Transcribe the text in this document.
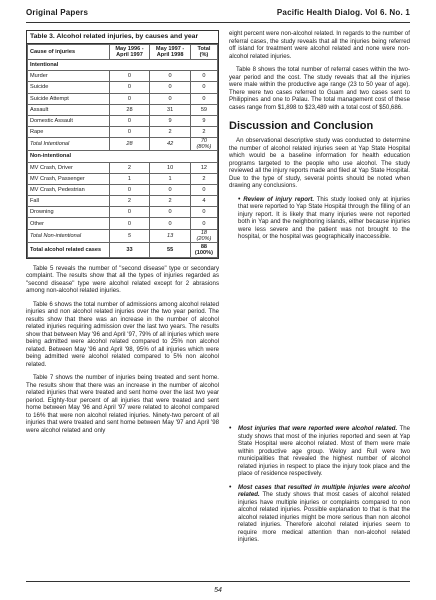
Original Papers	Pacific Health Dialog. Vol 6. No. 1
Table 3. Alcohol related injuries, by causes and year
Cause of injuries	May 1996 - April 1997	May 1997 - April 1998	Total (%)
Intentional			
Murder	0	0	0
Suicide	0	0	0
Suicide Attempt	0	0	0
Assault	28	31	59
Domestic Assault	0	9	9
Rape	0	2	2
Total Intentional	28	42	70 (80%)
Non-intentional			
MV Crash, Driver	2	10	12
MV Crash, Passenger	1	1	2
MV Crash, Pedestrian	0	0	0
Fall	2	2	4
Drowning	0	0	0
Other	0	0	0
Total Non-intentional	5	13	18 (20%)
Total alcohol related cases	33	55	88 (100%)

Table 5 reveals the number of "second disease" type or secondary complaint. The results show that all the types of injuries regarded as "second disease" type were alcohol related except for 2 abrasions among non-alcohol related injuries.

Table 6 shows the total number of admissions among alcohol related injuries and non alcohol related injuries over the two year period. The results show that there was an increase in the number of alcohol related injuries requiring admission over the last two years. The results show that between May '96 and April '97, 79% of all injuries which were being admitted were alcohol related compared to 25% non alcohol related. Between May '96 and April '98, 95% of all injuries which were being admitted were alcohol related compared to 5% non alcohol related.

Table 7 shows the number of injuries being treated and sent home. The results show that there was an increase in the number of alcohol related injuries that were treated and sent home over the last two year period. Eighty-four percent of all injuries that were treated and sent home between May '96 and April '97 were related to alcohol compared to 16% that were non alcohol related injuries. Ninety-two percent of all injuries that were treated and sent home between May '97 and April '98 were alcohol related and only

eight percent were non-alcohol related. In regards to the number of referral cases, the study reveals that all the injuries being referred off island for treatment were alcohol related and none were non-alcohol related injuries.

Table 8 shows the total number of referral cases within the two-year period and the cost. The study reveals that all the injuries were male within the productive age range (23 to 50 year of age). There were two cases referred to Guam and two cases sent to Philippines and one to Palau. The total management cost of these cases range from $1,898 to $23,489 with a total cost of $50,686.

Discussion and Conclusion

An observational descriptive study was conducted to determine the number of alcohol related injuries seen at Yap State Hospital which would be a baseline information for health education programs targeted to the people who use alcohol. The study reviewed all the injury reports made and filed at Yap State Hospital. Due to the type of study, several points should be noted when drawing any conclusions.

• Review of injury report. This study looked only at injuries that were reported to Yap State Hospital through the filling of an injury report. It is likely that many injuries were not reported both in Yap and the neighboring islands, either because injuries were less severe and the patient was not brought to the hospital, or the hospital was geographically inaccessible.

• Most injuries that were reported were alcohol related. The study shows that most of the injuries reported and seen at Yap State Hospital were alcohol related. Most of them were male within productive age group. Weloy and Rull were two municipalities that revealed the highest number of alcohol related injuries in respect to place the injury took place and the place of residence respectively.

• Most cases that resulted in multiple injuries were alcohol related. The study shows that most cases of alcohol related injuries have multiple injuries or complaints compared to non alcohol related injuries. Possible explanation to that is that the alcohol related injuries might be more serious than non alcohol related injuries. Therefore alcohol related injuries seem to require more medical attention than non-alcohol related injuries.

54
